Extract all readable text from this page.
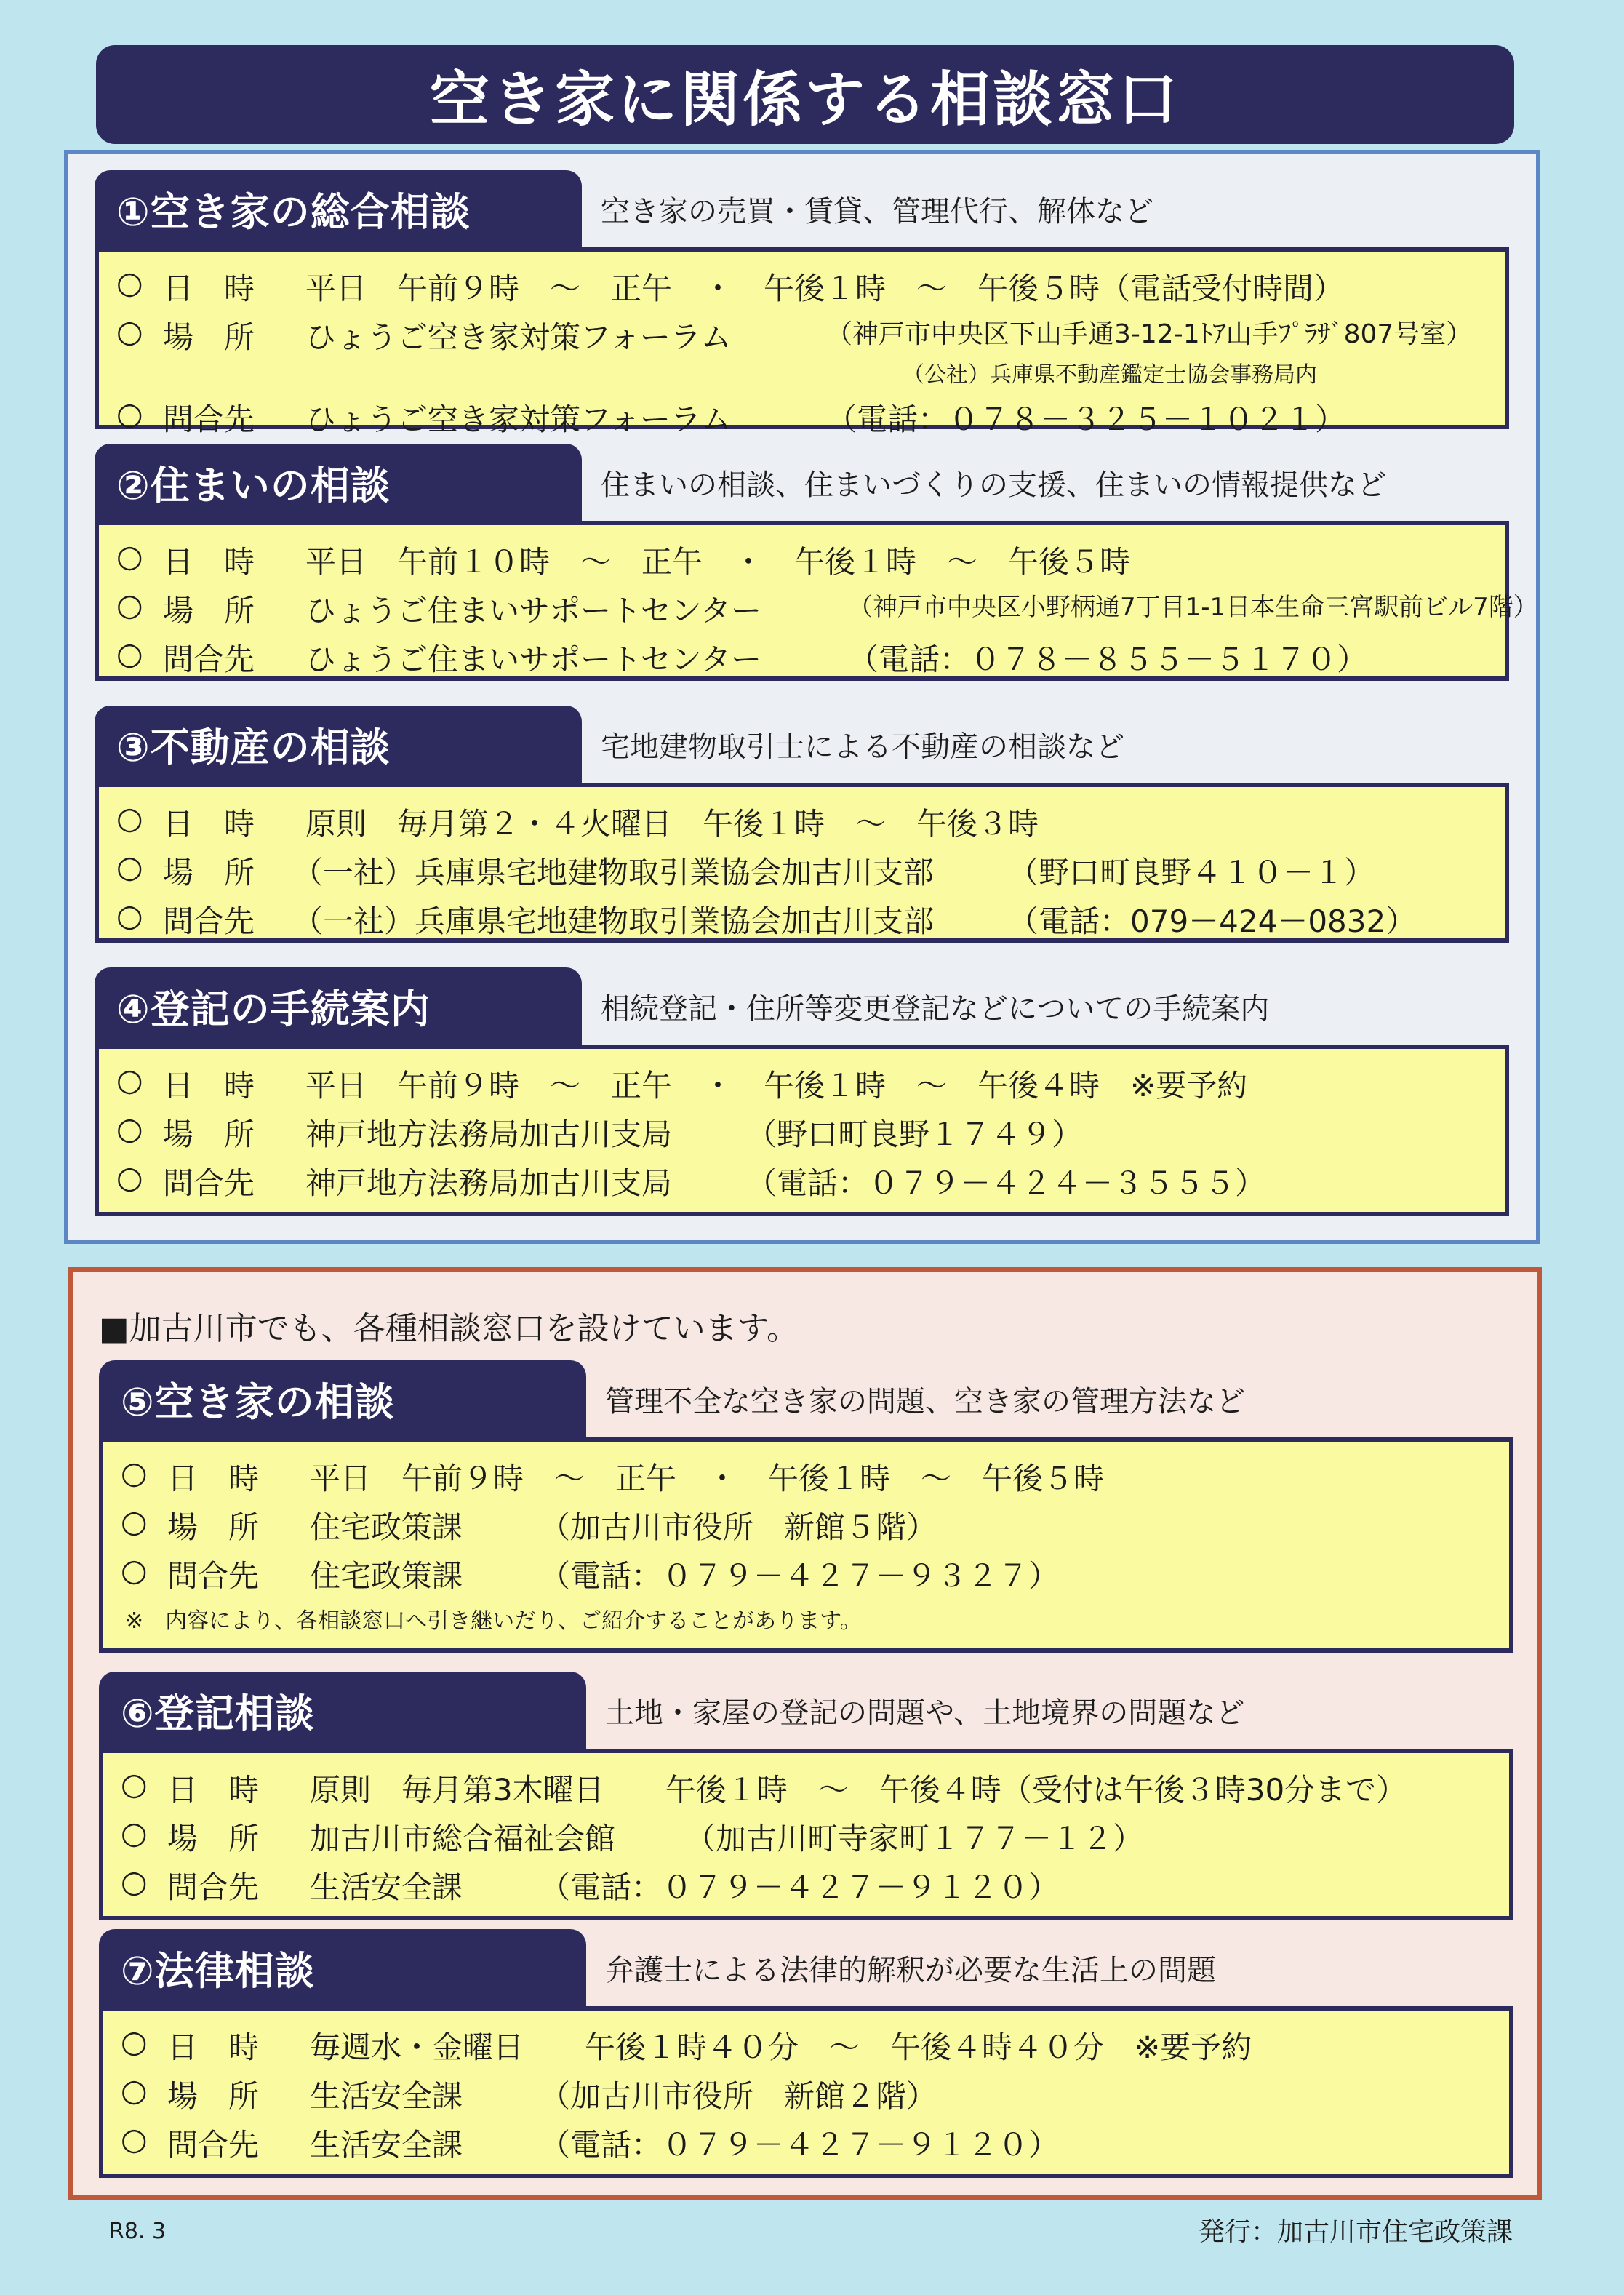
空き家に関係する相談窓口
①空き家の総合相談	空き家の売買・賃貸、管理代行、解体など
○ 日　時 平日　午前９時　～　正午　・　午後１時　～　午後５時（電話受付時間）
○ 場　所 ひょうご空き家対策フォーラム	（神戸市中央区下山手通3-12-1ﾄｱ山手ﾌﾟﾗｻﾞ807号室）
（公社）兵庫県不動産鑑定士協会事務局内
○ 問合先 ひょうご空き家対策フォーラム	（電話：０７８－３２５－１０２１）
②住まいの相談	住まいの相談、住まいづくりの支援、住まいの情報提供など
○ 日　時 平日　午前１０時　～　正午　・　午後１時　～　午後５時
○ 場　所 ひょうご住まいサポートセンター	（神戸市中央区小野柄通7丁目1-1日本生命三宮駅前ビル7階）
○ 問合先 ひょうご住まいサポートセンター	（電話：０７８－８５５－５１７０）
③不動産の相談	宅地建物取引士による不動産の相談など
○ 日　時 原則　毎月第２・４火曜日　午後１時　～　午後３時
○ 場　所 （一社）兵庫県宅地建物取引業協会加古川支部 （野口町良野４１０－１）
○ 問合先 （一社）兵庫県宅地建物取引業協会加古川支部 （電話：079－424－0832）
④登記の手続案内	相続登記・住所等変更登記などについての手続案内
○ 日　時 平日　午前９時　～　正午　・　午後１時　～　午後４時　※要予約
○ 場　所 神戸地方法務局加古川支局 （野口町良野１７４９）
○ 問合先 神戸地方法務局加古川支局 （電話：０７９－４２４－３５５５）
■加古川市でも、各種相談窓口を設けています。
⑤空き家の相談	管理不全な空き家の問題、空き家の管理方法など
○ 日　時 平日　午前９時　～　正午　・　午後１時　～　午後５時
○ 場　所 住宅政策課	（加古川市役所　新館５階）
○ 問合先 住宅政策課	（電話：０７９－４２７－９３２７）
※　内容により、各相談窓口へ引き継いだり、ご紹介することがあります。
⑥登記相談	土地・家屋の登記の問題や、土地境界の問題など
○ 日　時 原則　毎月第3木曜日　　午後１時　～　午後４時（受付は午後３時30分まで）
○ 場　所 加古川市総合福祉会館 （加古川町寺家町１７７－１２）
○ 問合先 生活安全課	（電話：０７９－４２７－９１２０）
⑦法律相談	弁護士による法律的解釈が必要な生活上の問題
○ 日　時 毎週水・金曜日　　午後１時４０分　～　午後４時４０分　※要予約
○ 場　所 生活安全課	（加古川市役所　新館２階）
○ 問合先 生活安全課	（電話：０７９－４２７－９１２０）
R8. 3	発行：加古川市住宅政策課
